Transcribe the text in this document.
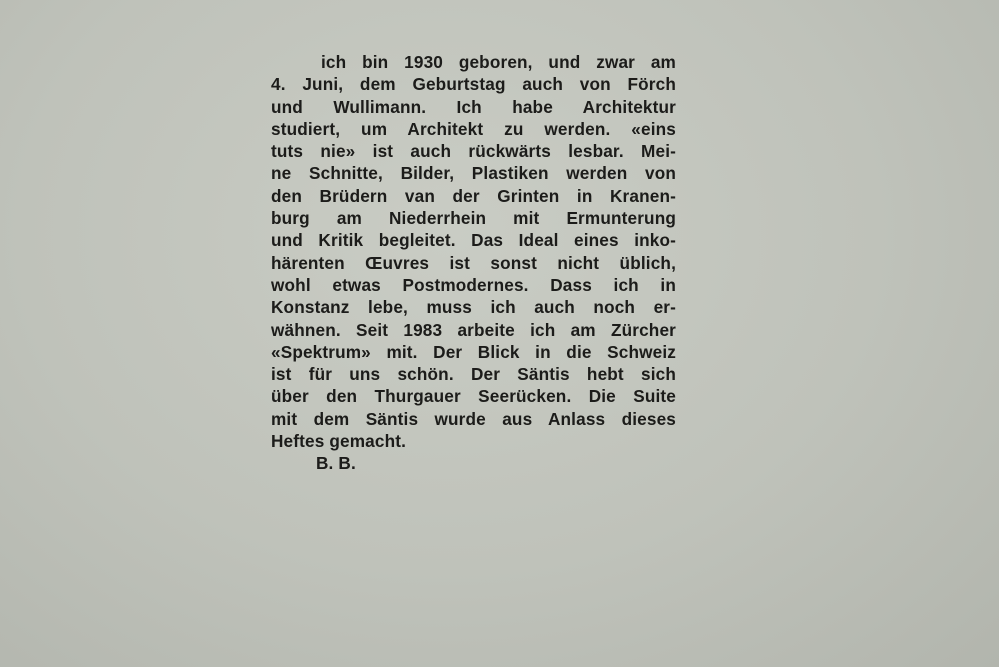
ich bin 1930 geboren, und zwar am
4. Juni, dem Geburtstag auch von Förch
und Wullimann. Ich habe Architektur
studiert, um Architekt zu werden. «eins
tuts nie» ist auch rückwärts lesbar. Mei-
ne Schnitte, Bilder, Plastiken werden von
den Brüdern van der Grinten in Kranen-
burg am Niederrhein mit Ermunterung
und Kritik begleitet. Das Ideal eines inko-
härenten Œuvres ist sonst nicht üblich,
wohl etwas Postmodernes. Dass ich in
Konstanz lebe, muss ich auch noch er-
wähnen. Seit 1983 arbeite ich am Zürcher
«Spektrum» mit. Der Blick in die Schweiz
ist für uns schön. Der Säntis hebt sich
über den Thurgauer Seerücken. Die Suite
mit dem Säntis wurde aus Anlass dieses
Heftes gemacht.
B. B.
